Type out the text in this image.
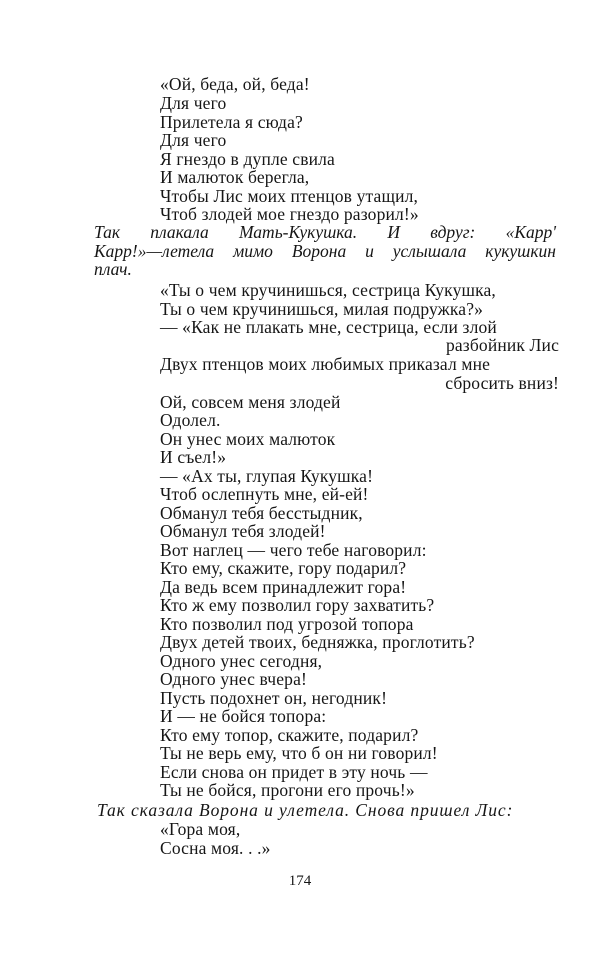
«Ой, беда, ой, беда!
Для чего
Прилетела я сюда?
Для чего
Я гнездо в дупле свила
И малюток берегла,
Чтобы Лис моих птенцов утащил,
Чтоб злодей мое гнездо разорил!»
Так плакала Мать-Кукушка. И вдруг: «Карр'
Карр!»—летела мимо Ворона и услышала кукушкин
плач.
«Ты о чем кручинишься, сестрица Кукушка,
Ты о чем кручинишься, милая подружка?»
— «Как не плакать мне, сестрица, если злой
разбойник Лис
Двух птенцов моих любимых приказал мне
сбросить вниз!
Ой, совсем меня злодей
Одолел.
Он унес моих малюток
И съел!»
— «Ах ты, глупая Кукушка!
Чтоб ослепнуть мне, ей-ей!
Обманул тебя бесстыдник,
Обманул тебя злодей!
Вот наглец — чего тебе наговорил:
Кто ему, скажите, гору подарил?
Да ведь всем принадлежит гора!
Кто ж ему позволил гору захватить?
Кто позволил под угрозой топора
Двух детей твоих, бедняжка, проглотить?
Одного унес сегодня,
Одного унес вчера!
Пусть подохнет он, негодник!
И — не бойся топора:
Кто ему топор, скажите, подарил?
Ты не верь ему, что б он ни говорил!
Если снова он придет в эту ночь —
Ты не бойся, прогони его прочь!»
Так сказала Ворона и улетела. Снова пришел Лис:
«Гора моя,
Сосна моя. . .»
174
